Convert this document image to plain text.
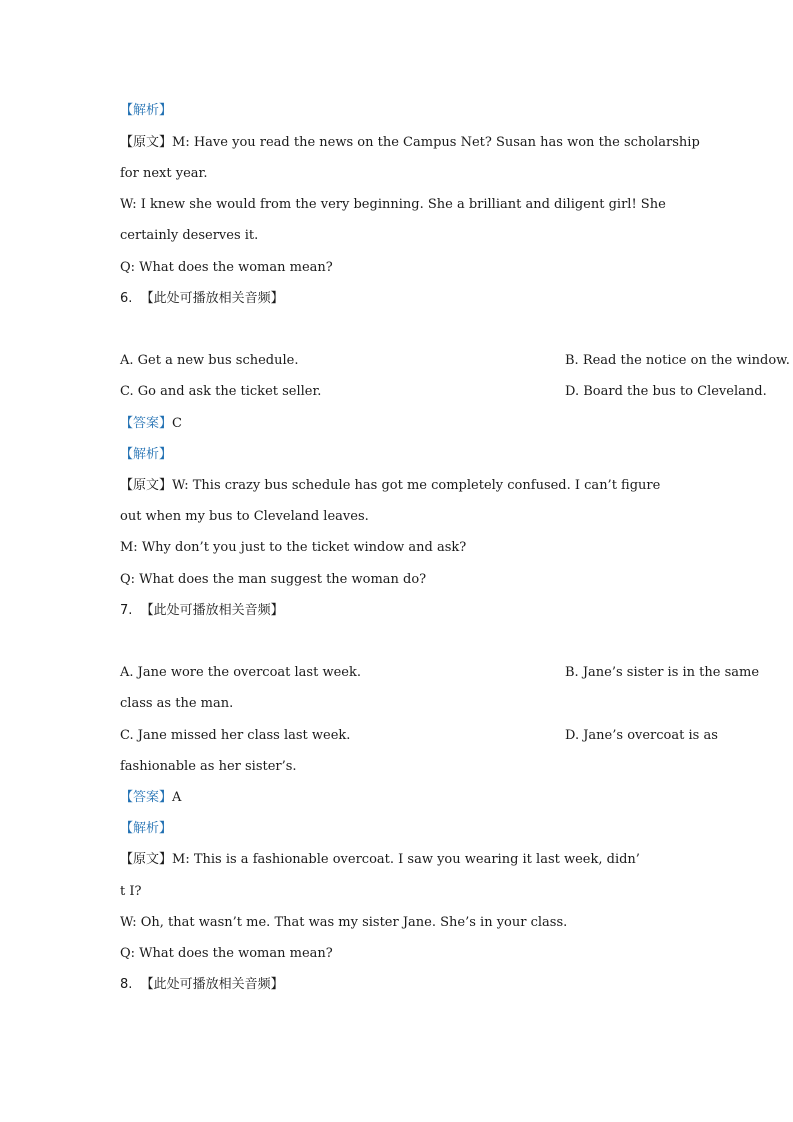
【解析】
【原文】M: Have you read the news on the Campus Net? Susan has won the scholarship
for next year.
W: I knew she would from the very beginning. She a brilliant and diligent girl! She
certainly deserves it.
Q: What does the woman mean?
6. 【此处可播放相关音频】
A. Get a new bus schedule.	B. Read the notice on the window.
C. Go and ask the ticket seller.	D. Board the bus to Cleveland.
【答案】C
【解析】
【原文】W: This crazy bus schedule has got me completely confused. I can’t figure
out when my bus to Cleveland leaves.
M: Why don’t you just to the ticket window and ask?
Q: What does the man suggest the woman do?
7. 【此处可播放相关音频】
A. Jane wore the overcoat last week.	B. Jane’s sister is in the same
class as the man.
C. Jane missed her class last week.	D. Jane’s overcoat is as
fashionable as her sister’s.
【答案】A
【解析】
【原文】M: This is a fashionable overcoat. I saw you wearing it last week, didn’
t I?
W: Oh, that wasn’t me. That was my sister Jane. She’s in your class.
Q: What does the woman mean?
8. 【此处可播放相关音频】
